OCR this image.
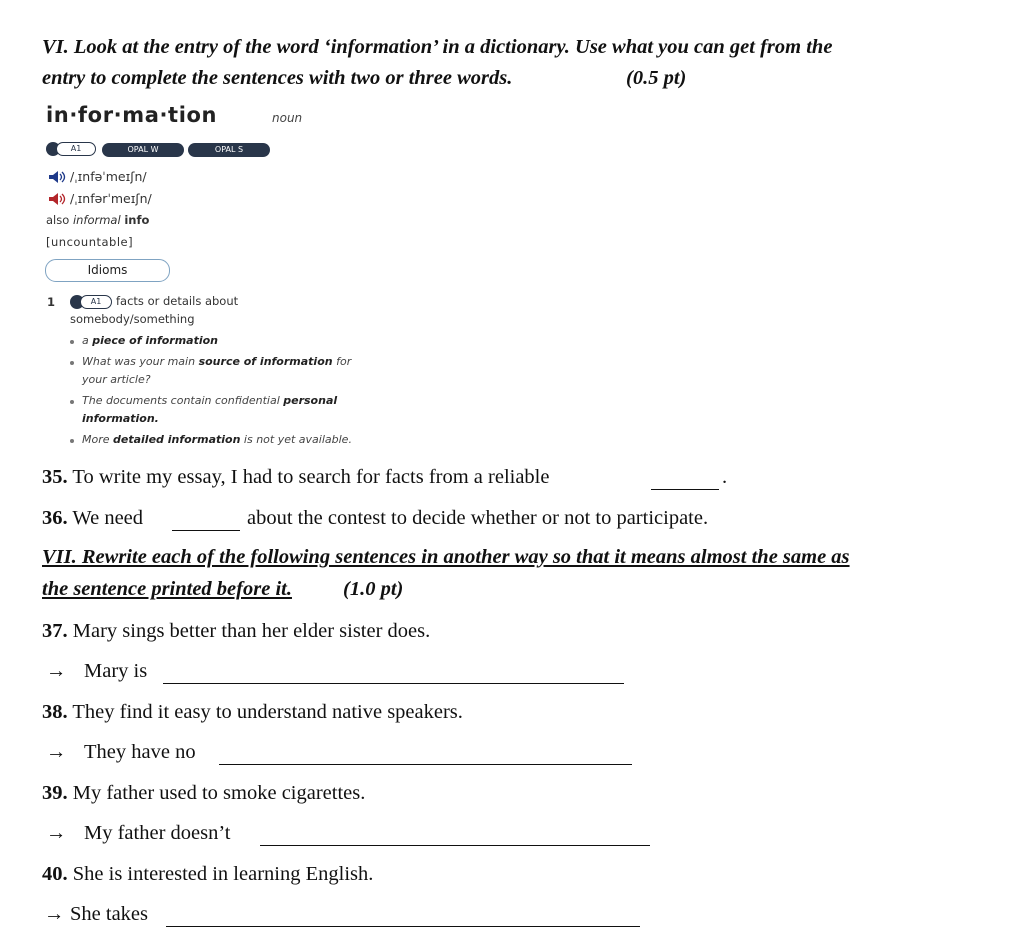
VI. Look at the entry of the word ‘information’ in a dictionary. Use what you can get from the
entry to complete the sentences with two or three words.	(0.5 pt)
in·for·ma·tion	noun
A1	OPAL W	OPAL S
/ˌɪnfəˈmeɪʃn/
/ˌɪnfərˈmeɪʃn/
also informal info
[uncountable]
Idioms
1	A1	facts or details about
somebody/something
a piece of information
What was your main source of information for
your article?
The documents contain confidential personal
information.
More detailed information is not yet available.
35. To write my essay, I had to search for facts from a reliable	.
36. We need	about the contest to decide whether or not to participate.
VII. Rewrite each of the following sentences in another way so that it means almost the same as
the sentence printed before it. (1.0 pt)
37. Mary sings better than her elder sister does.
→ Mary is
38. They find it easy to understand native speakers.
→ They have no
39. My father used to smoke cigarettes.
→ My father doesn’t
40. She is interested in learning English.
→ She takes
